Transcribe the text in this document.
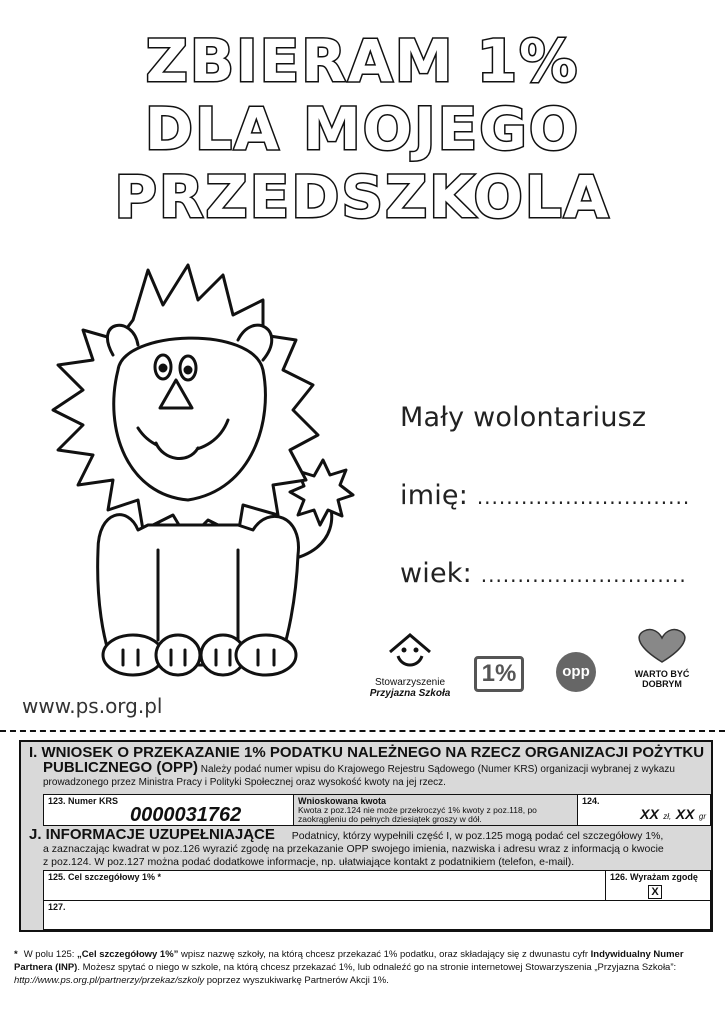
ZBIERAM 1%
DLA MOJEGO
PRZEDSZKOLA
Mały wolontariusz
imię: .............................
wiek: ............................
Stowarzyszenie
Przyjazna Szkoła
1%	opp	WARTO BYĆ
DOBRYM
www.ps.org.pl
I. WNIOSEK O PRZEKAZANIE 1% PODATKU NALEŻNEGO NA RZECZ ORGANIZACJI POŻYTKU
PUBLICZNEGO (OPP) Należy podać numer wpisu do Krajowego Rejestru Sądowego (Numer KRS) organizacji wybranej z wykazu
prowadzonego przez Ministra Pracy i Polityki Społecznej oraz wysokość kwoty na jej rzecz.
123. Numer KRS
0000031762
Wnioskowana kwota
Kwota z poz.124 nie może przekroczyć 1% kwoty z poz.118, po
zaokrągleniu do pełnych dziesiątek groszy w dół.
124.
XX zł, XX gr
J. INFORMACJE UZUPEŁNIAJĄCE Podatnicy, którzy wypełnili część I, w poz.125 mogą podać cel szczegółowy 1%,
a zaznaczając kwadrat w poz.126 wyrazić zgodę na przekazanie OPP swojego imienia, nazwiska i adresu wraz z informacją o kwocie
z poz.124. W poz.127 można podać dodatkowe informacje, np. ułatwiające kontakt z podatnikiem (telefon, e-mail).
125. Cel szczegółowy 1% *	126. Wyrażam zgodę
X
127.
* W polu 125: „Cel szczegółowy 1%” wpisz nazwę szkoły, na którą chcesz przekazać 1% podatku, oraz składający się z dwunastu cyfr Indywidualny Numer Partnera (INP). Możesz spytać o niego w szkole, na którą chcesz przekazać 1%, lub odnaleźć go na stronie internetowej Stowarzyszenia „Przyjazna Szkoła”: http://www.ps.org.pl/partnerzy/przekaz/szkoly poprzez wyszukiwarkę Partnerów Akcji 1%.
